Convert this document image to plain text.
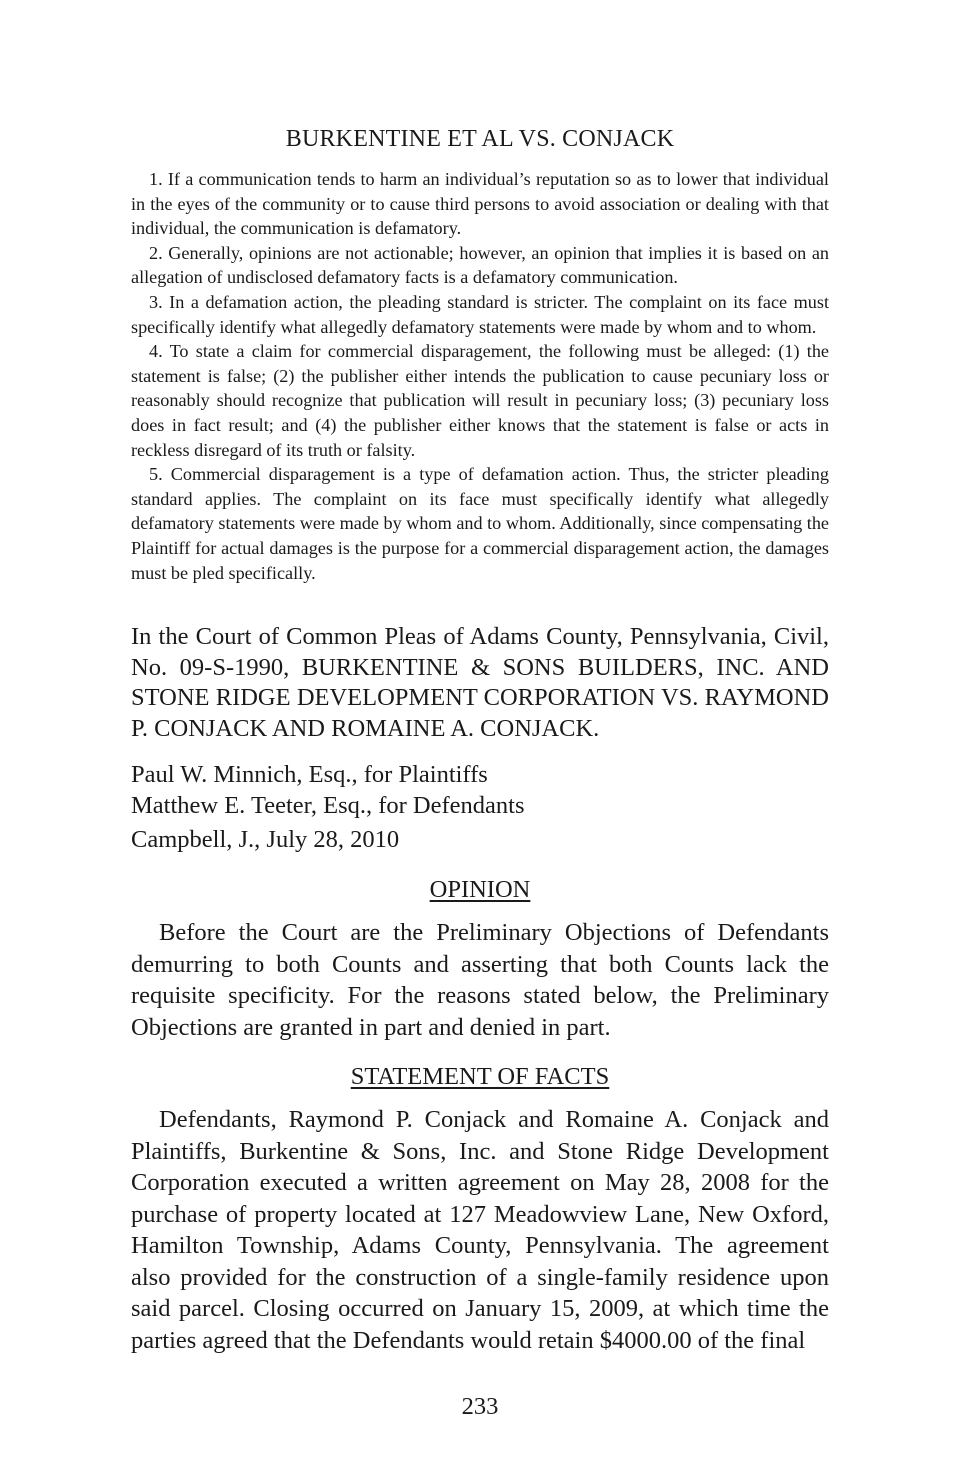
BURKENTINE ET AL VS. CONJACK

1. If a communication tends to harm an individual’s reputation so as to lower that individual in the eyes of the community or to cause third persons to avoid association or dealing with that individual, the communication is defamatory.

2. Generally, opinions are not actionable; however, an opinion that implies it is based on an allegation of undisclosed defamatory facts is a defamatory communication.

3. In a defamation action, the pleading standard is stricter. The complaint on its face must specifically identify what allegedly defamatory statements were made by whom and to whom.

4. To state a claim for commercial disparagement, the following must be alleged: (1) the statement is false; (2) the publisher either intends the publication to cause pecuniary loss or reasonably should recognize that publication will result in pecuniary loss; (3) pecuniary loss does in fact result; and (4) the publisher either knows that the statement is false or acts in reckless disregard of its truth or falsity.

5. Commercial disparagement is a type of defamation action. Thus, the stricter pleading standard applies. The complaint on its face must specifically identify what allegedly defamatory statements were made by whom and to whom. Additionally, since compensating the Plaintiff for actual damages is the purpose for a commercial disparagement action, the damages must be pled specifically.

In the Court of Common Pleas of Adams County, Pennsylvania, Civil, No. 09-S-1990, BURKENTINE & SONS BUILDERS, INC. AND STONE RIDGE DEVELOPMENT CORPORATION VS. RAYMOND P. CONJACK AND ROMAINE A. CONJACK.

Paul W. Minnich, Esq., for Plaintiffs
Matthew E. Teeter, Esq., for Defendants
Campbell, J., July 28, 2010
OPINION

Before the Court are the Preliminary Objections of Defendants demurring to both Counts and asserting that both Counts lack the requisite specificity. For the reasons stated below, the Preliminary Objections are granted in part and denied in part.

STATEMENT OF FACTS

Defendants, Raymond P. Conjack and Romaine A. Conjack and Plaintiffs, Burkentine & Sons, Inc. and Stone Ridge Development Corporation executed a written agreement on May 28, 2008 for the purchase of property located at 127 Meadowview Lane, New Oxford, Hamilton Township, Adams County, Pennsylvania. The agreement also provided for the construction of a single-family residence upon said parcel. Closing occurred on January 15, 2009, at which time the parties agreed that the Defendants would retain $4000.00 of the final

233
